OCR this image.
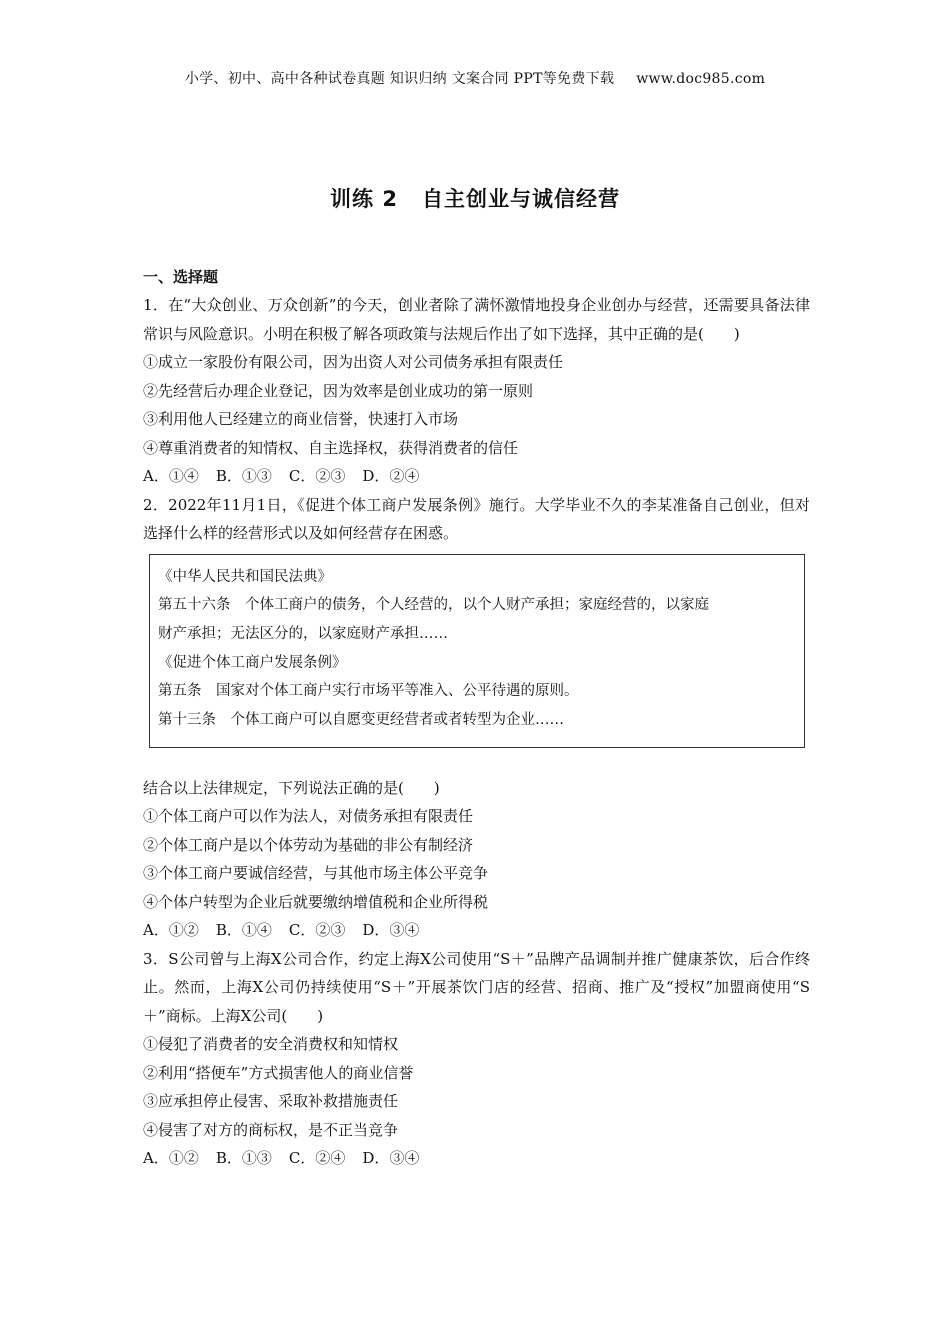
小学、初中、高中各种试卷真题 知识归纳 文案合同 PPT等免费下载 www.doc985.com
训练 2 自主创业与诚信经营
一、选择题
1．在“大众创业、万众创新”的今天，创业者除了满怀激情地投身企业创办与经营，还需要具备法律常识与风险意识。小明在积极了解各项政策与法规后作出了如下选择，其中正确的是(　　)
①成立一家股份有限公司，因为出资人对公司债务承担有限责任
②先经营后办理企业登记，因为效率是创业成功的第一原则
③利用他人已经建立的商业信誉，快速打入市场
④尊重消费者的知情权、自主选择权，获得消费者的信任
A．①④ B．①③ C．②③ D．②④
2．2022年11月1日，《促进个体工商户发展条例》施行。大学毕业不久的李某准备自己创业，但对选择什么样的经营形式以及如何经营存在困惑。
《中华人民共和国民法典》
第五十六条　个体工商户的债务，个人经营的，以个人财产承担；家庭经营的，以家庭
财产承担；无法区分的，以家庭财产承担……
《促进个体工商户发展条例》
第五条　国家对个体工商户实行市场平等准入、公平待遇的原则。
第十三条　个体工商户可以自愿变更经营者或者转型为企业……
结合以上法律规定，下列说法正确的是(　　)
①个体工商户可以作为法人，对债务承担有限责任
②个体工商户是以个体劳动为基础的非公有制经济
③个体工商户要诚信经营，与其他市场主体公平竞争
④个体户转型为企业后就要缴纳增值税和企业所得税
A．①② B．①④ C．②③ D．③④
3．S公司曾与上海X公司合作，约定上海X公司使用“S＋”品牌产品调制并推广健康茶饮，后合作终止。然而，上海X公司仍持续使用“S＋”开展茶饮门店的经营、招商、推广及“授权”加盟商使用“S＋”商标。上海X公司(　　)
①侵犯了消费者的安全消费权和知情权
②利用“搭便车”方式损害他人的商业信誉
③应承担停止侵害、采取补救措施责任
④侵害了对方的商标权，是不正当竞争
A．①② B．①③ C．②④ D．③④
